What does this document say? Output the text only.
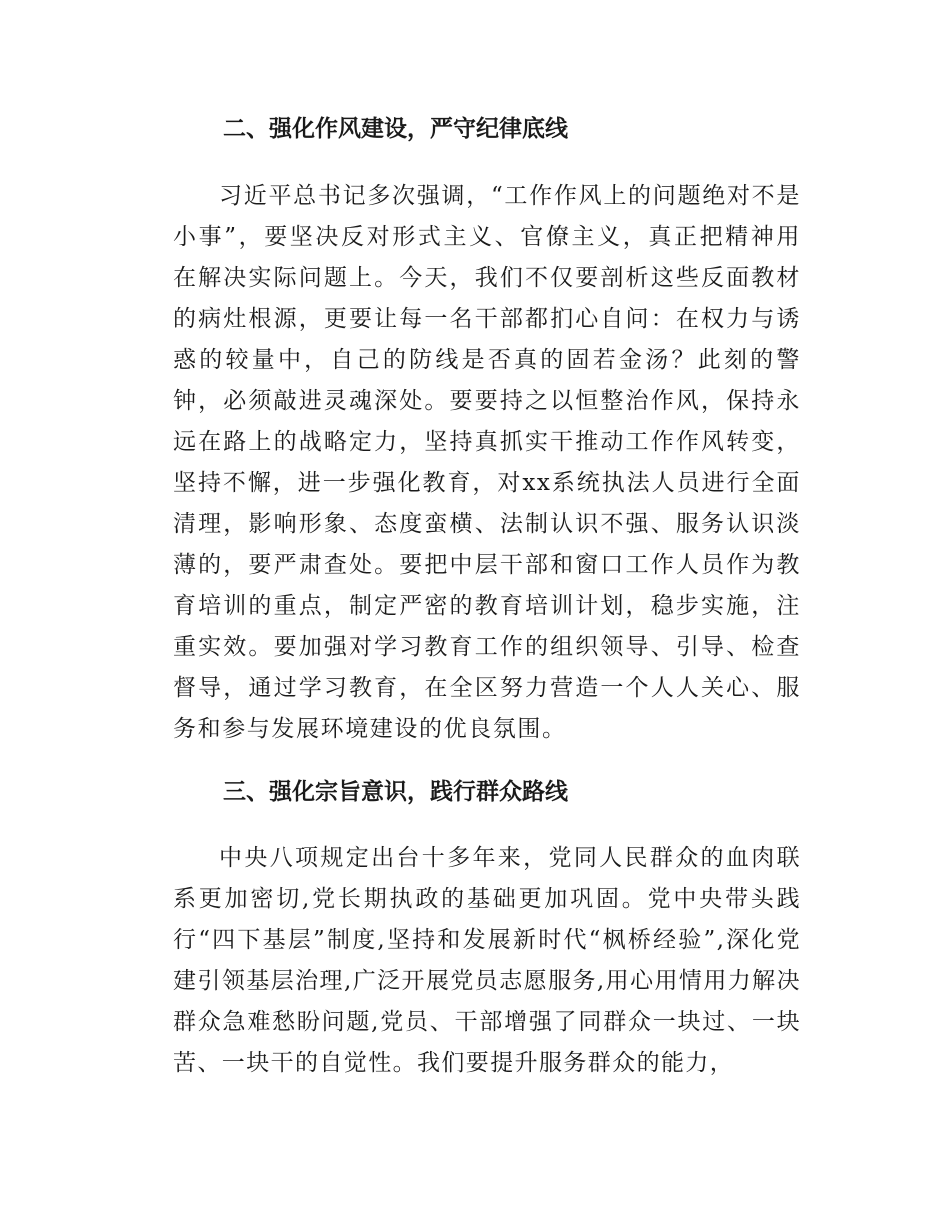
二、强化作风建设，严守纪律底线

习近平总书记多次强调，“工作作风上的问题绝对不是小事”，要坚决反对形式主义、官僚主义，真正把精神用在解决实际问题上。今天，我们不仅要剖析这些反面教材的病灶根源，更要让每一名干部都扪心自问：在权力与诱惑的较量中，自己的防线是否真的固若金汤？此刻的警钟，必须敲进灵魂深处。要要持之以恒整治作风，保持永远在路上的战略定力，坚持真抓实干推动工作作风转变，坚持不懈，进一步强化教育，对xx系统执法人员进行全面清理，影响形象、态度蛮横、法制认识不强、服务认识淡薄的，要严肃查处。要把中层干部和窗口工作人员作为教育培训的重点，制定严密的教育培训计划，稳步实施，注重实效。要加强对学习教育工作的组织领导、引导、检查督导，通过学习教育，在全区努力营造一个人人关心、服务和参与发展环境建设的优良氛围。

三、强化宗旨意识，践行群众路线

中央八项规定出台十多年来，党同人民群众的血肉联系更加密切,党长期执政的基础更加巩固。党中央带头践行“四下基层”制度,坚持和发展新时代“枫桥经验”,深化党建引领基层治理,广泛开展党员志愿服务,用心用情用力解决群众急难愁盼问题,党员、干部增强了同群众一块过、一块苦、一块干的自觉性。我们要提升服务群众的能力，
